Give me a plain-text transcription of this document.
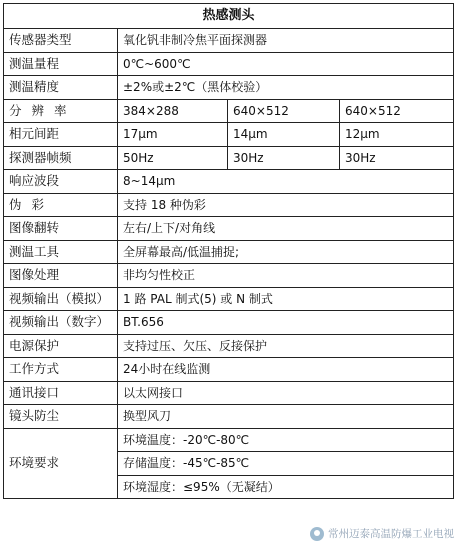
热感测头			
传感器类型	氧化钒非制冷焦平面探测器		
测温量程	0℃~600℃		
测温精度	±2%或±2℃（黑体校验）		
分 辨 率	384×288	640×512	640×512
相元间距	17μm	14μm	12μm
探测器帧频	50Hz	30Hz	30Hz
响应波段	8~14μm		
伪 彩	支持 18 种伪彩		
图像翻转	左右/上下/对角线		
测温工具	全屏幕最高/低温捕捉;		
图像处理	非均匀性校正		
视频输出（模拟）	1 路 PAL 制式(5) 或 N 制式		
视频输出（数字）	BT.656		
电源保护	支持过压、欠压、反接保护		
工作方式	24小时在线监测		
通讯接口	以太网接口		
镜头防尘	换型风刀		
环境要求	环境温度：-20℃-80℃		
	存储温度：-45℃-85℃		
	环境湿度：≤95%（无凝结）		
常州迈泰高温防爆工业电视
